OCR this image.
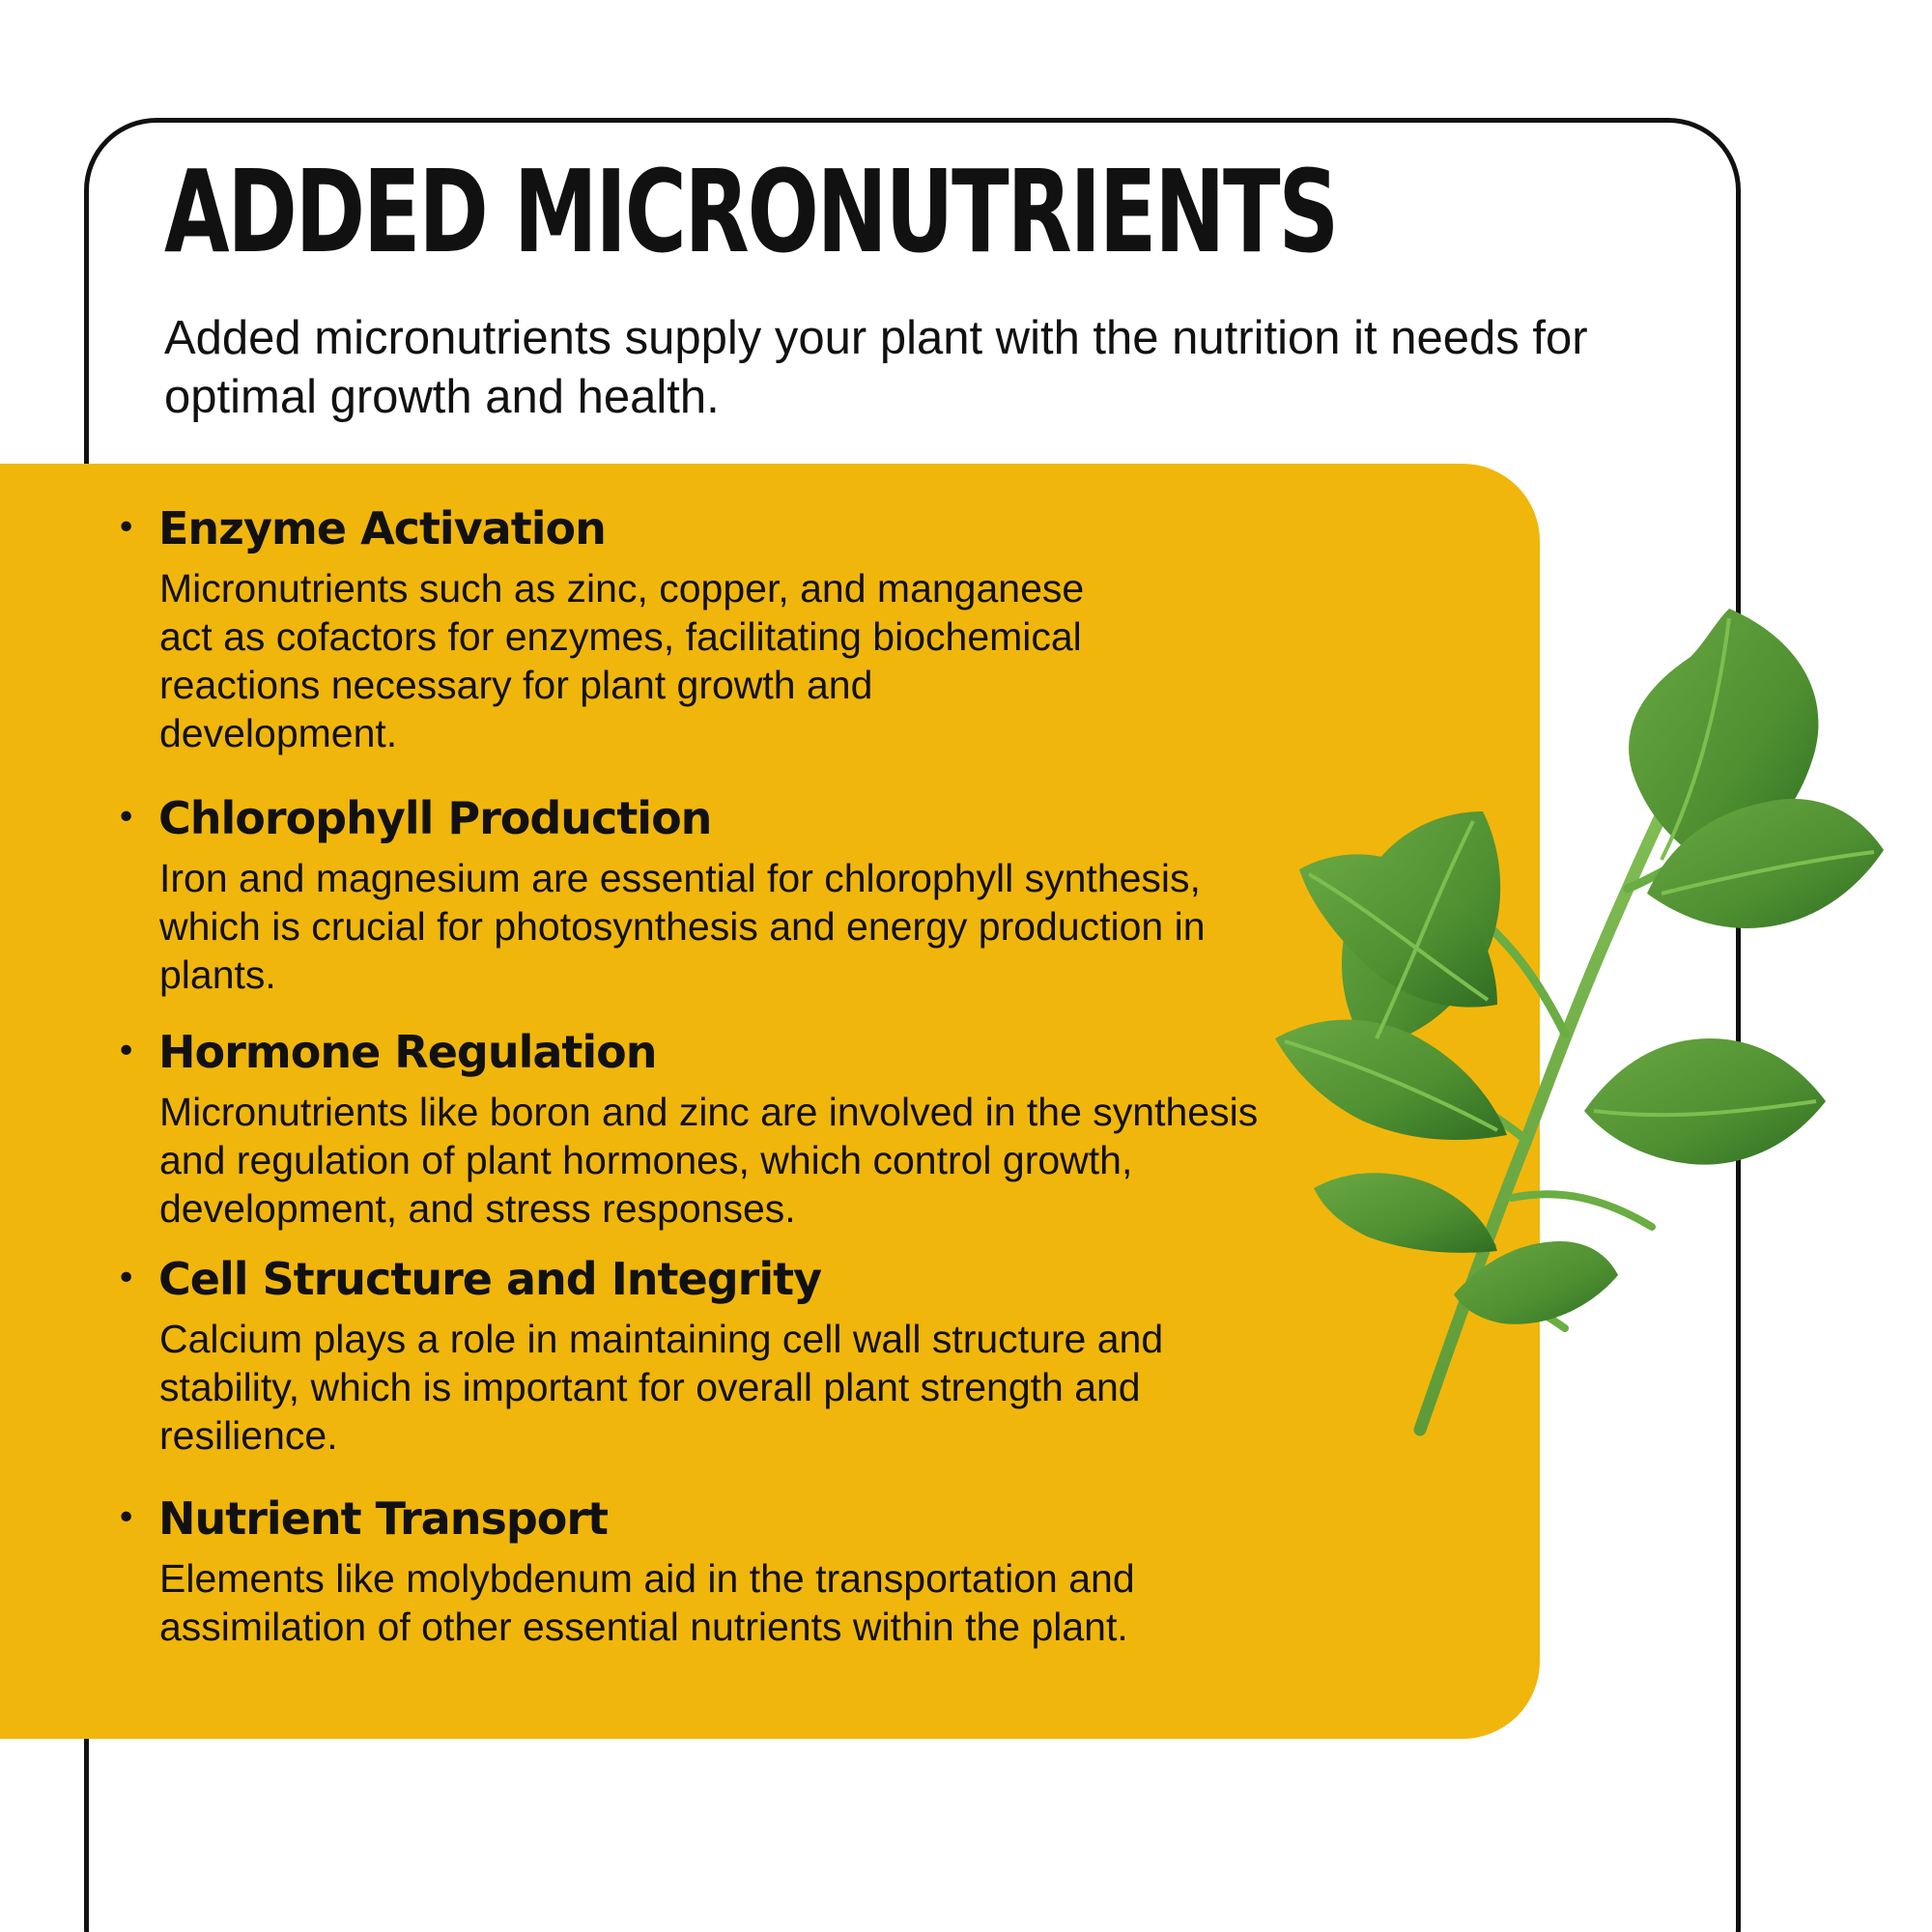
ADDED MICRONUTRIENTS

Added micronutrients supply your plant with the nutrition it needs for optimal growth and health.

• Enzyme Activation
Micronutrients such as zinc, copper, and manganese act as cofactors for enzymes, facilitating biochemical reactions necessary for plant growth and development.
• Chlorophyll Production
Iron and magnesium are essential for chlorophyll synthesis, which is crucial for photosynthesis and energy production in plants.
• Hormone Regulation
Micronutrients like boron and zinc are involved in the synthesis and regulation of plant hormones, which control growth, development, and stress responses.
• Cell Structure and Integrity
Calcium plays a role in maintaining cell wall structure and stability, which is important for overall plant strength and resilience.
• Nutrient Transport
Elements like molybdenum aid in the transportation and assimilation of other essential nutrients within the plant.
